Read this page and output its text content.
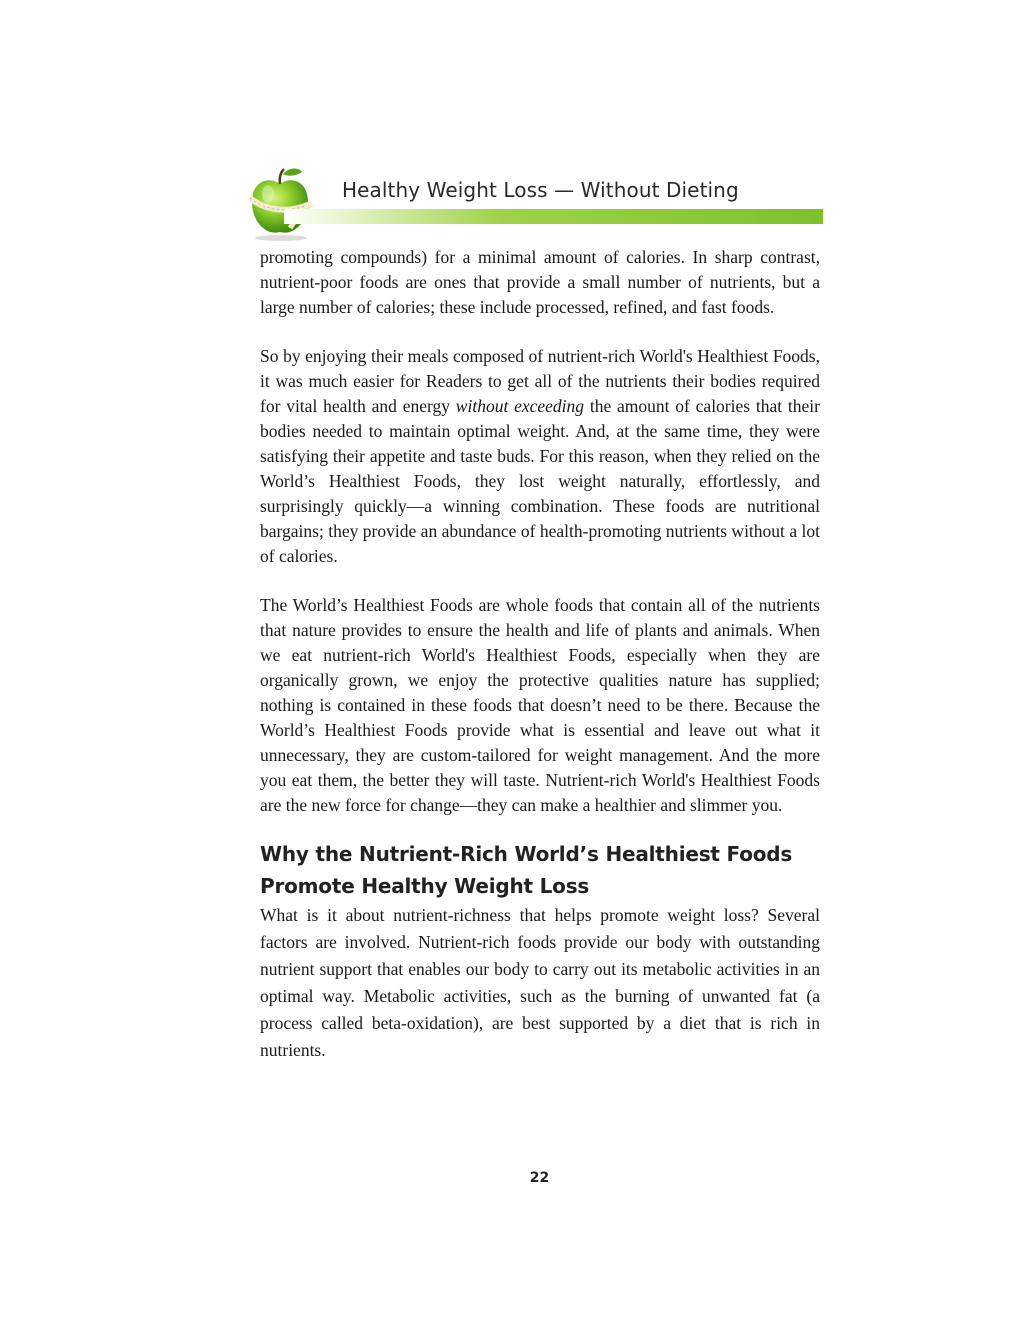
Healthy Weight Loss — Without Dieting

promoting compounds) for a minimal amount of calories. In sharp contrast, nutrient-poor foods are ones that provide a small number of nutrients, but a large number of calories; these include processed, refined, and fast foods.

So by enjoying their meals composed of nutrient-rich World's Healthiest Foods, it was much easier for Readers to get all of the nutrients their bodies required for vital health and energy without exceeding the amount of calories that their bodies needed to maintain optimal weight. And, at the same time, they were satisfying their appetite and taste buds. For this reason, when they relied on the World’s Healthiest Foods, they lost weight naturally, effortlessly, and surprisingly quickly—a winning combination. These foods are nutritional bargains; they provide an abundance of health-promoting nutrients without a lot of calories.

The World’s Healthiest Foods are whole foods that contain all of the nutrients that nature provides to ensure the health and life of plants and animals. When we eat nutrient-rich World's Healthiest Foods, especially when they are organically grown, we enjoy the protective qualities nature has supplied; nothing is contained in these foods that doesn’t need to be there. Because the World’s Healthiest Foods provide what is essential and leave out what it unnecessary, they are custom-tailored for weight management. And the more you eat them, the better they will taste. Nutrient-rich World's Healthiest Foods are the new force for change—they can make a healthier and slimmer you.

Why the Nutrient-Rich World’s Healthiest Foods
Promote Healthy Weight Loss

What is it about nutrient-richness that helps promote weight loss? Several factors are involved. Nutrient-rich foods provide our body with outstanding nutrient support that enables our body to carry out its metabolic activities in an optimal way. Metabolic activities, such as the burning of unwanted fat (a process called beta-oxidation), are best supported by a diet that is rich in nutrients.

22
